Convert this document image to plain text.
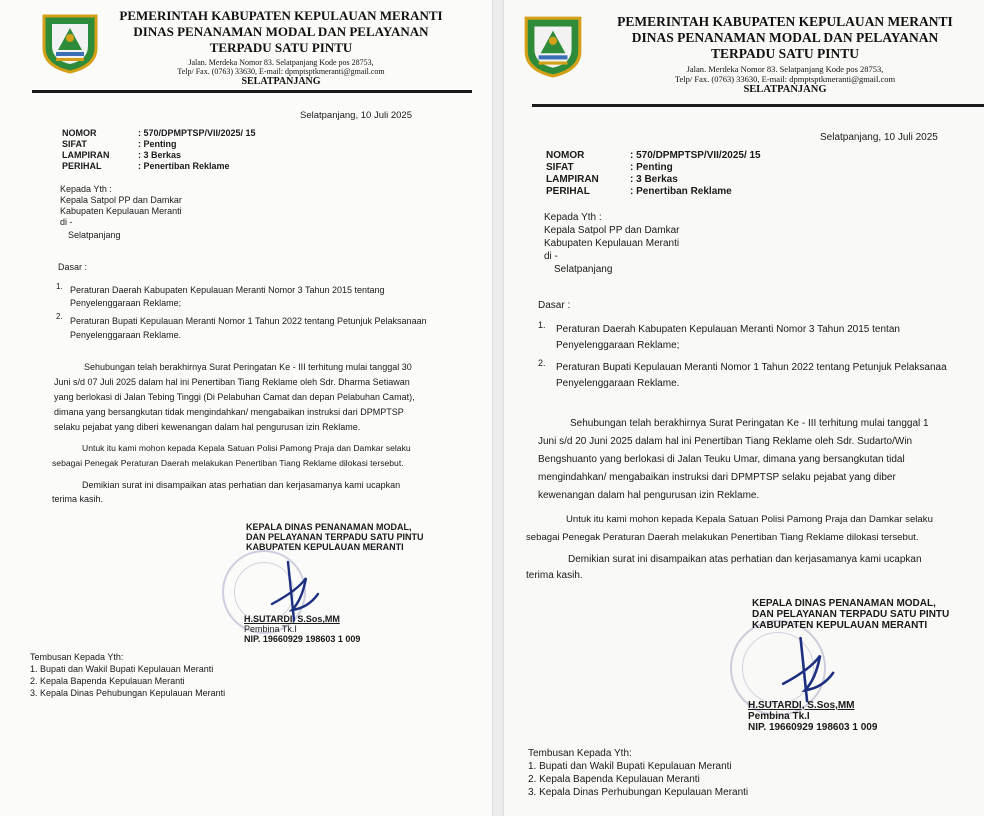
PEMERINTAH KABUPATEN KEPULAUAN MERANTI
DINAS PENANAMAN MODAL DAN PELAYANAN
TERPADU SATU PINTU
Jalan. Merdeka Nomor 83. Selatpanjang Kode pos 28753,
Telp/ Fax. (0763) 33630, E-mail: dpmptsptkmeranti@gmail.com
SELATPANJANG
Selatpanjang, 10 Juli 2025
NOMOR	: 570/DPMPTSP/VII/2025/ 15
SIFAT	: Penting
LAMPIRAN	: 3 Berkas
PERIHAL	: Penertiban Reklame
Kepada Yth :
Kepala Satpol PP dan Damkar
Kabupaten Kepulauan Meranti
di -
Selatpanjang
Dasar :
1. Peraturan Daerah Kabupaten Kepulauan Meranti Nomor 3 Tahun 2015 tentang
Penyelenggaraan Reklame;
2. Peraturan Bupati Kepulauan Meranti Nomor 1 Tahun 2022 tentang Petunjuk Pelaksanaan
Penyelenggaraan Reklame.
Sehubungan telah berakhirnya Surat Peringatan Ke - III terhitung mulai tanggal 30
Juni s/d 07 Juli 2025 dalam hal ini Penertiban Tiang Reklame oleh Sdr. Dharma Setiawan
yang berlokasi di Jalan Tebing Tinggi (Di Pelabuhan Camat dan depan Pelabuhan Camat),
dimana yang bersangkutan tidak mengindahkan/ mengabaikan instruksi dari DPMPTSP
selaku pejabat yang diberi kewenangan dalam hal pengurusan izin Reklame.
Untuk itu kami mohon kepada Kepala Satuan Polisi Pamong Praja dan Damkar selaku
sebagai Penegak Peraturan Daerah melakukan Penertiban Tiang Reklame dilokasi tersebut.
Demikian surat ini disampaikan atas perhatian dan kerjasamanya kami ucapkan
terima kasih.
KEPALA DINAS PENANAMAN MODAL,
DAN PELAYANAN TERPADU SATU PINTU
KABUPATEN KEPULAUAN MERANTI
H.SUTARDI, S.Sos,MM
Pembina Tk.I
NIP. 19660929 198603 1 009
Tembusan Kepada Yth:
1. Bupati dan Wakil Bupati Kepulauan Meranti
2. Kepala Bapenda Kepulauan Meranti
3. Kepala Dinas Pehubungan Kepulauan Meranti
PEMERINTAH KABUPATEN KEPULAUAN MERANTI
DINAS PENANAMAN MODAL DAN PELAYANAN
TERPADU SATU PINTU
Jalan. Merdeka Nomor 83. Selatpanjang Kode pos 28753,
Telp/ Fax. (0763) 33630, E-mail: dpmptsptkmeranti@gmail.com
SELATPANJANG
Selatpanjang, 10 Juli 2025
NOMOR	: 570/DPMPTSP/VII/2025/ 15
SIFAT	: Penting
LAMPIRAN	: 3 Berkas
PERIHAL	: Penertiban Reklame
Kepada Yth :
Kepala Satpol PP dan Damkar
Kabupaten Kepulauan Meranti
di -
Selatpanjang
Dasar :
1. Peraturan Daerah Kabupaten Kepulauan Meranti Nomor 3 Tahun 2015 tentan
Penyelenggaraan Reklame;
2. Peraturan Bupati Kepulauan Meranti Nomor 1 Tahun 2022 tentang Petunjuk Pelaksanaa
Penyelenggaraan Reklame.
Sehubungan telah berakhirnya Surat Peringatan Ke - III terhitung mulai tanggal 1
Juni s/d 20 Juni 2025 dalam hal ini Penertiban Tiang Reklame oleh Sdr. Sudarto/Win
Bengshuanto yang berlokasi di Jalan Teuku Umar, dimana yang bersangkutan tidal
mengindahkan/ mengabaikan instruksi dari DPMPTSP selaku pejabat yang diber
kewenangan dalam hal pengurusan izin Reklame.
Untuk itu kami mohon kepada Kepala Satuan Polisi Pamong Praja dan Damkar selaku
sebagai Penegak Peraturan Daerah melakukan Penertiban Tiang Reklame dilokasi tersebut.
Demikian surat ini disampaikan atas perhatian dan kerjasamanya kami ucapkan
terima kasih.
KEPALA DINAS PENANAMAN MODAL,
DAN PELAYANAN TERPADU SATU PINTU
KABUPATEN KEPULAUAN MERANTI
H.SUTARDI, S.Sos,MM
Pembina Tk.I
NIP. 19660929 198603 1 009
Tembusan Kepada Yth:
1. Bupati dan Wakil Bupati Kepulauan Meranti
2. Kepala Bapenda Kepulauan Meranti
3. Kepala Dinas Perhubungan Kepulauan Meranti
